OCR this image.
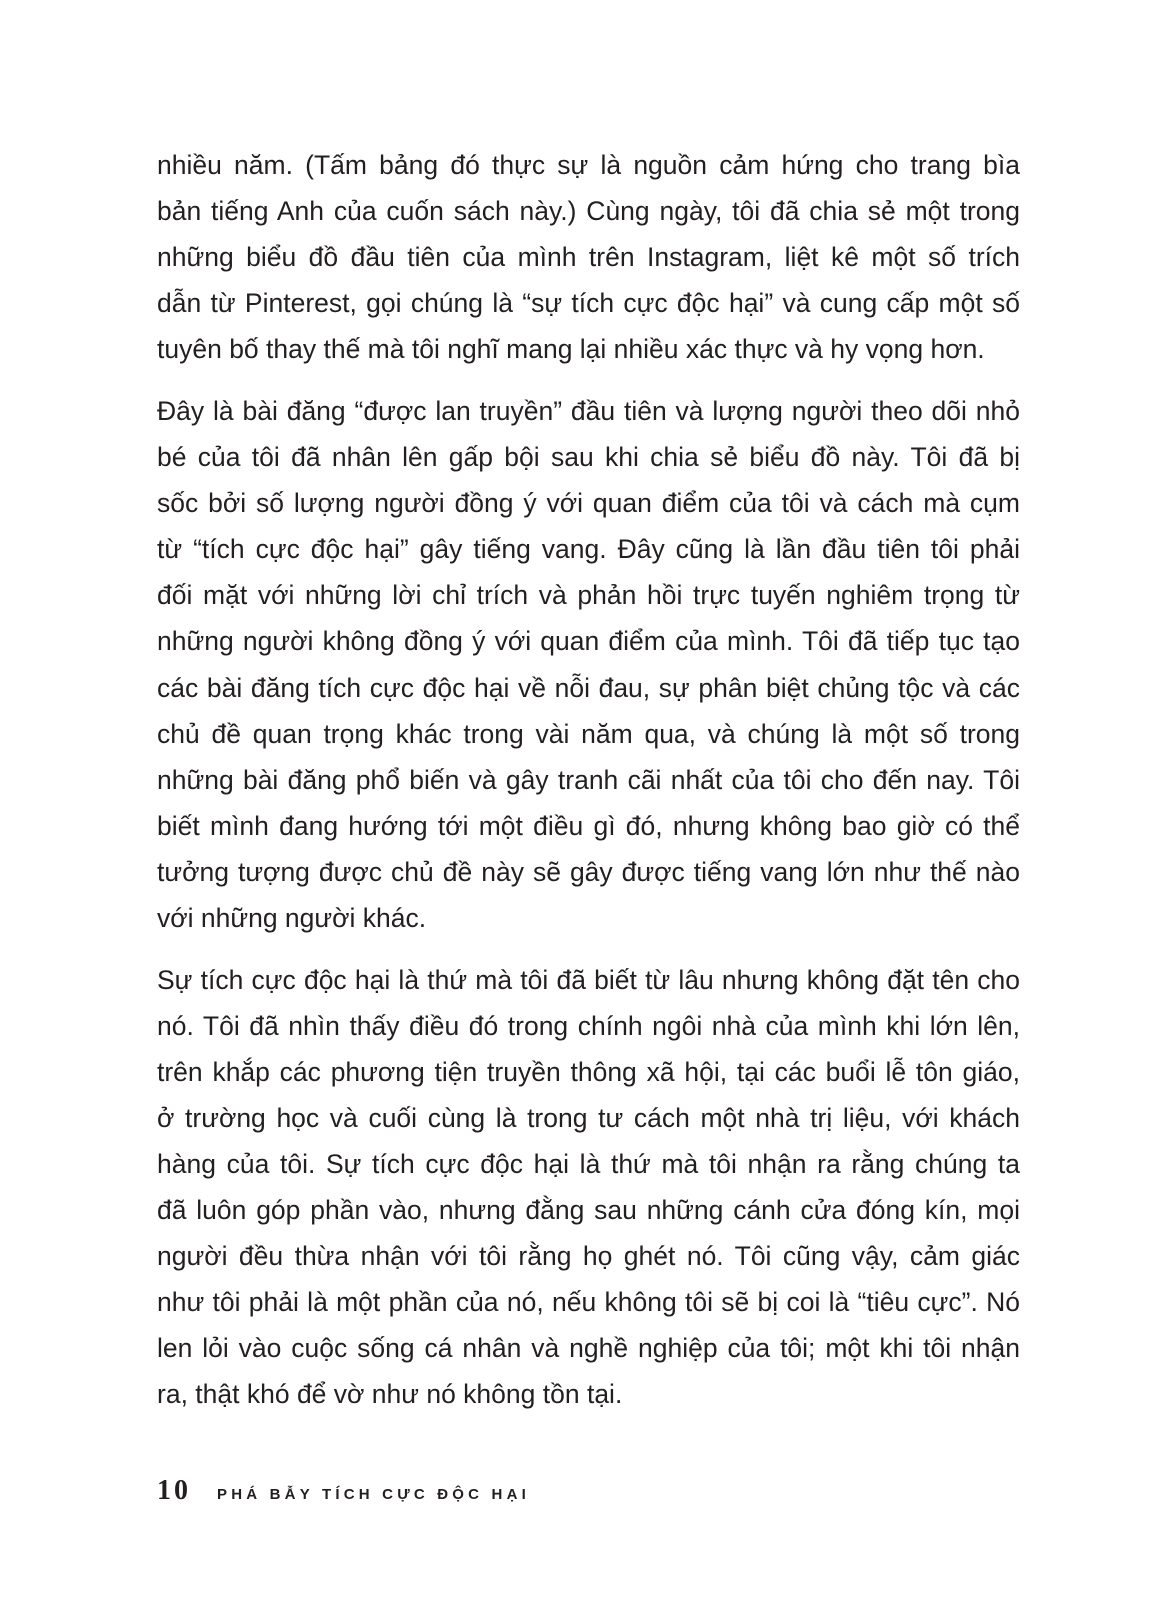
nhiều năm. (Tấm bảng đó thực sự là nguồn cảm hứng cho trang bìa
bản tiếng Anh của cuốn sách này.) Cùng ngày, tôi đã chia sẻ một trong
những biểu đồ đầu tiên của mình trên Instagram, liệt kê một số trích
dẫn từ Pinterest, gọi chúng là “sự tích cực độc hại” và cung cấp một số
tuyên bố thay thế mà tôi nghĩ mang lại nhiều xác thực và hy vọng hơn.
Đây là bài đăng “được lan truyền” đầu tiên và lượng người theo dõi nhỏ
bé của tôi đã nhân lên gấp bội sau khi chia sẻ biểu đồ này. Tôi đã bị
sốc bởi số lượng người đồng ý với quan điểm của tôi và cách mà cụm
từ “tích cực độc hại” gây tiếng vang. Đây cũng là lần đầu tiên tôi phải
đối mặt với những lời chỉ trích và phản hồi trực tuyến nghiêm trọng từ
những người không đồng ý với quan điểm của mình. Tôi đã tiếp tục tạo
các bài đăng tích cực độc hại về nỗi đau, sự phân biệt chủng tộc và các
chủ đề quan trọng khác trong vài năm qua, và chúng là một số trong
những bài đăng phổ biến và gây tranh cãi nhất của tôi cho đến nay. Tôi
biết mình đang hướng tới một điều gì đó, nhưng không bao giờ có thể
tưởng tượng được chủ đề này sẽ gây được tiếng vang lớn như thế nào
với những người khác.
Sự tích cực độc hại là thứ mà tôi đã biết từ lâu nhưng không đặt tên cho
nó. Tôi đã nhìn thấy điều đó trong chính ngôi nhà của mình khi lớn lên,
trên khắp các phương tiện truyền thông xã hội, tại các buổi lễ tôn giáo,
ở trường học và cuối cùng là trong tư cách một nhà trị liệu, với khách
hàng của tôi. Sự tích cực độc hại là thứ mà tôi nhận ra rằng chúng ta
đã luôn góp phần vào, nhưng đằng sau những cánh cửa đóng kín, mọi
người đều thừa nhận với tôi rằng họ ghét nó. Tôi cũng vậy, cảm giác
như tôi phải là một phần của nó, nếu không tôi sẽ bị coi là “tiêu cực”. Nó
len lỏi vào cuộc sống cá nhân và nghề nghiệp của tôi; một khi tôi nhận
ra, thật khó để vờ như nó không tồn tại.
10 PHÁ BẪY TÍCH CỰC ĐỘC HẠI
